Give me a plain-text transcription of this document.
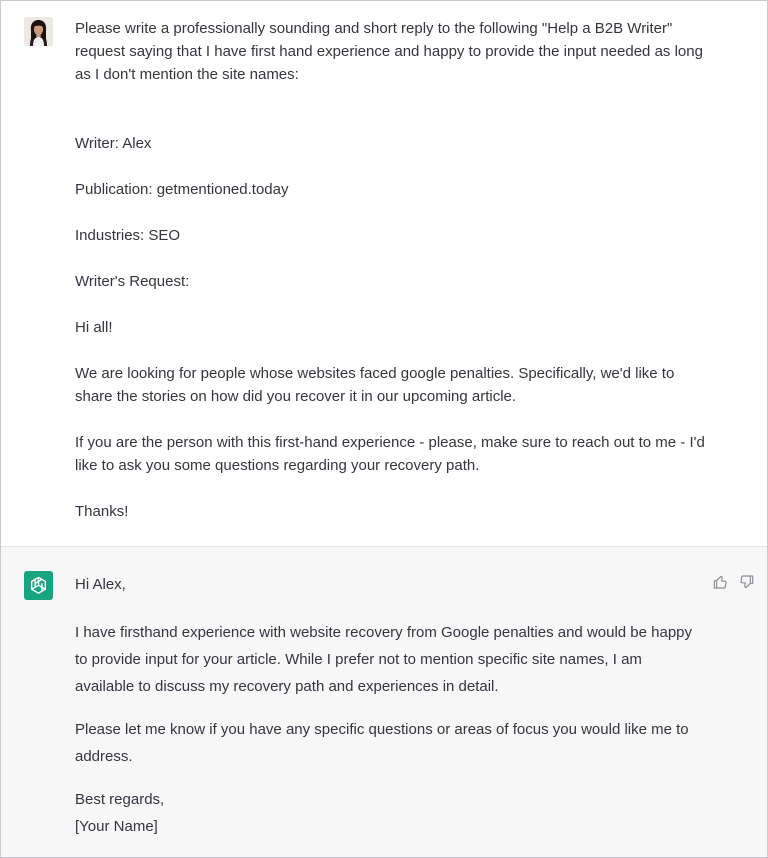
Please write a professionally sounding and short reply to the following "Help a B2B Writer" request saying that I have first hand experience and happy to provide the input needed as long as I don't mention the site names:

Writer: Alex

Publication: getmentioned.today

Industries: SEO

Writer's Request:

Hi all!

We are looking for people whose websites faced google penalties. Specifically, we'd like to share the stories on how did you recover it in our upcoming article.

If you are the person with this first-hand experience - please, make sure to reach out to me - I'd like to ask you some questions regarding your recovery path.

Thanks!

Hi Alex,

I have firsthand experience with website recovery from Google penalties and would be happy to provide input for your article. While I prefer not to mention specific site names, I am available to discuss my recovery path and experiences in detail.

Please let me know if you have any specific questions or areas of focus you would like me to address.

Best regards,

[Your Name]
